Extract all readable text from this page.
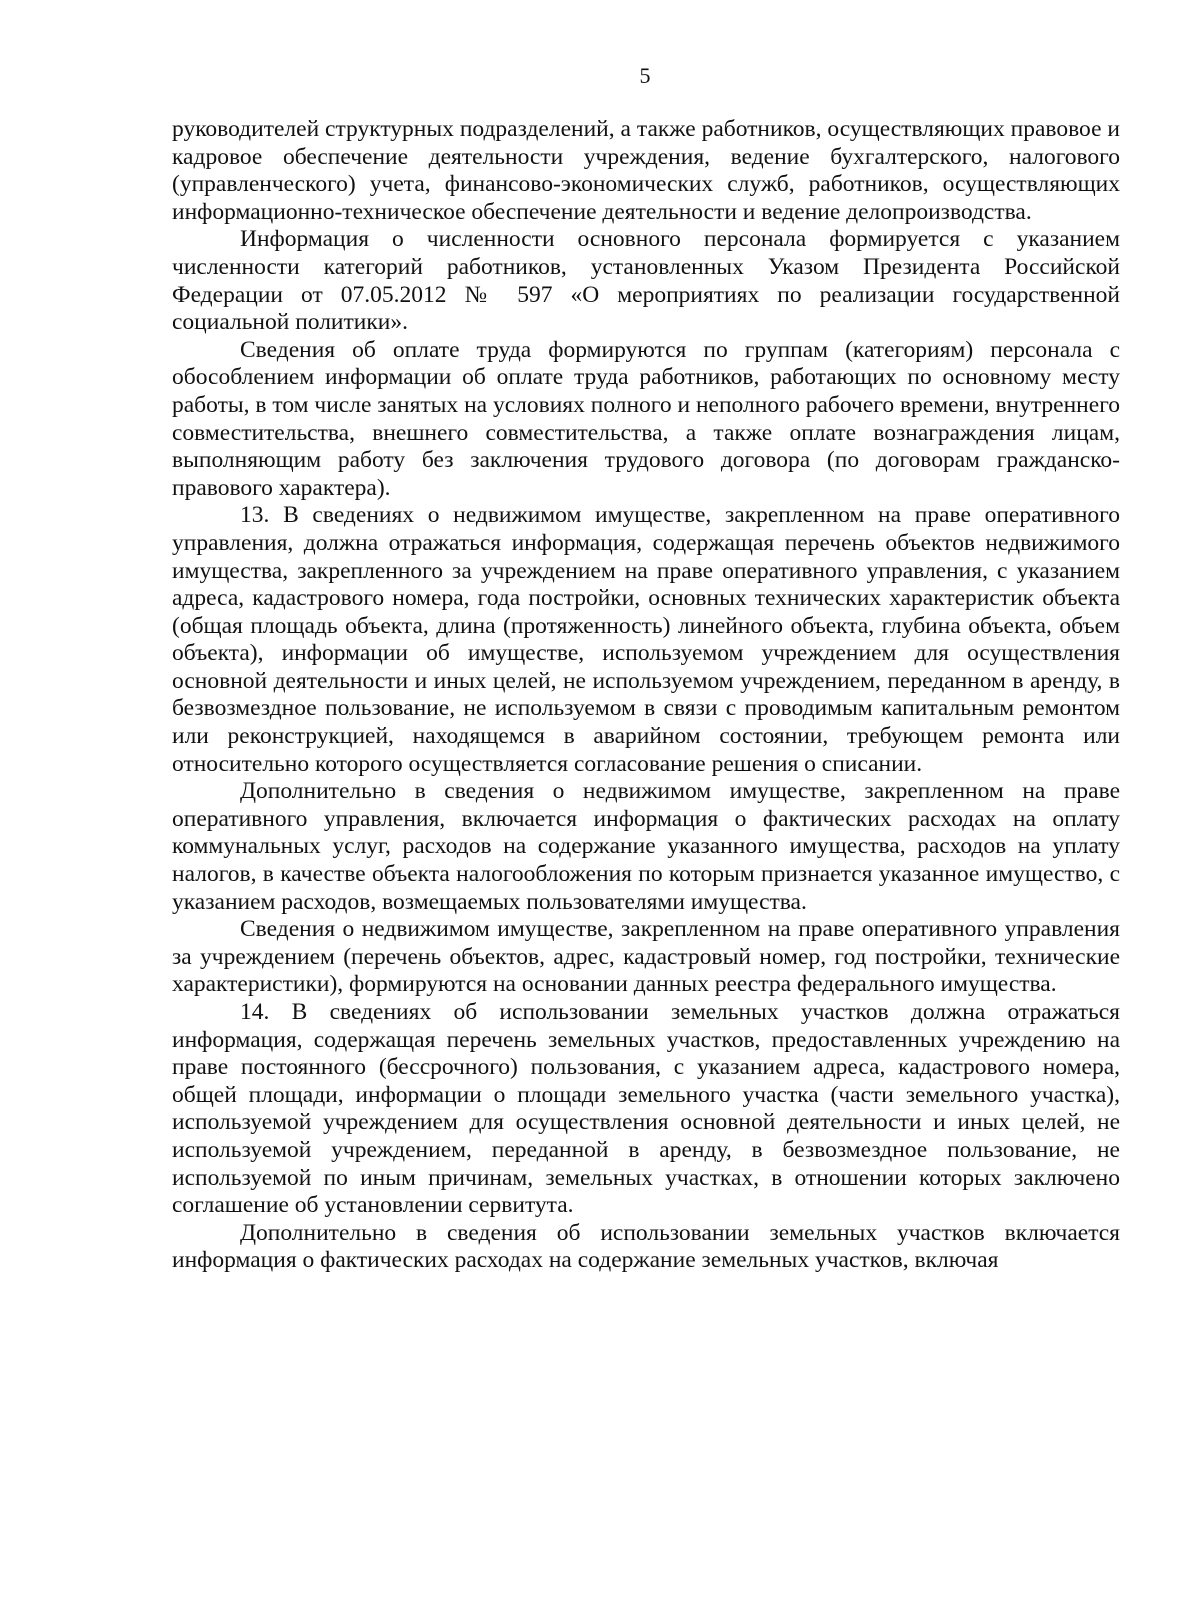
5

руководителей структурных подразделений, а также работников, осуществляющих правовое и кадровое обеспечение деятельности учреждения, ведение бухгалтерского, налогового (управленческого) учета, финансово-экономических служб, работников, осуществляющих информационно-техническое обеспечение деятельности и ведение делопроизводства.

Информация о численности основного персонала формируется с указанием численности категорий работников, установленных Указом Президента Российской Федерации от 07.05.2012 № 597 «О мероприятиях по реализации государственной социальной политики».

Сведения об оплате труда формируются по группам (категориям) персонала с обособлением информации об оплате труда работников, работающих по основному месту работы, в том числе занятых на условиях полного и неполного рабочего времени, внутреннего совместительства, внешнего совместительства, а также оплате вознаграждения лицам, выполняющим работу без заключения трудового договора (по договорам гражданско-правового характера).

13. В сведениях о недвижимом имуществе, закрепленном на праве оперативного управления, должна отражаться информация, содержащая перечень объектов недвижимого имущества, закрепленного за учреждением на праве оперативного управления, с указанием адреса, кадастрового номера, года постройки, основных технических характеристик объекта (общая площадь объекта, длина (протяженность) линейного объекта, глубина объекта, объем объекта), информации об имуществе, используемом учреждением для осуществления основной деятельности и иных целей, не используемом учреждением, переданном в аренду, в безвозмездное пользование, не используемом в связи с проводимым капитальным ремонтом или реконструкцией, находящемся в аварийном состоянии, требующем ремонта или относительно которого осуществляется согласование решения о списании.

Дополнительно в сведения о недвижимом имуществе, закрепленном на праве оперативного управления, включается информация о фактических расходах на оплату коммунальных услуг, расходов на содержание указанного имущества, расходов на уплату налогов, в качестве объекта налогообложения по которым признается указанное имущество, с указанием расходов, возмещаемых пользователями имущества.

Сведения о недвижимом имуществе, закрепленном на праве оперативного управления за учреждением (перечень объектов, адрес, кадастровый номер, год постройки, технические характеристики), формируются на основании данных реестра федерального имущества.

14. В сведениях об использовании земельных участков должна отражаться информация, содержащая перечень земельных участков, предоставленных учреждению на праве постоянного (бессрочного) пользования, с указанием адреса, кадастрового номера, общей площади, информации о площади земельного участка (части земельного участка), используемой учреждением для осуществления основной деятельности и иных целей, не используемой учреждением, переданной в аренду, в безвозмездное пользование, не используемой по иным причинам, земельных участках, в отношении которых заключено соглашение об установлении сервитута.

Дополнительно в сведения об использовании земельных участков включается информация о фактических расходах на содержание земельных участков, включая
